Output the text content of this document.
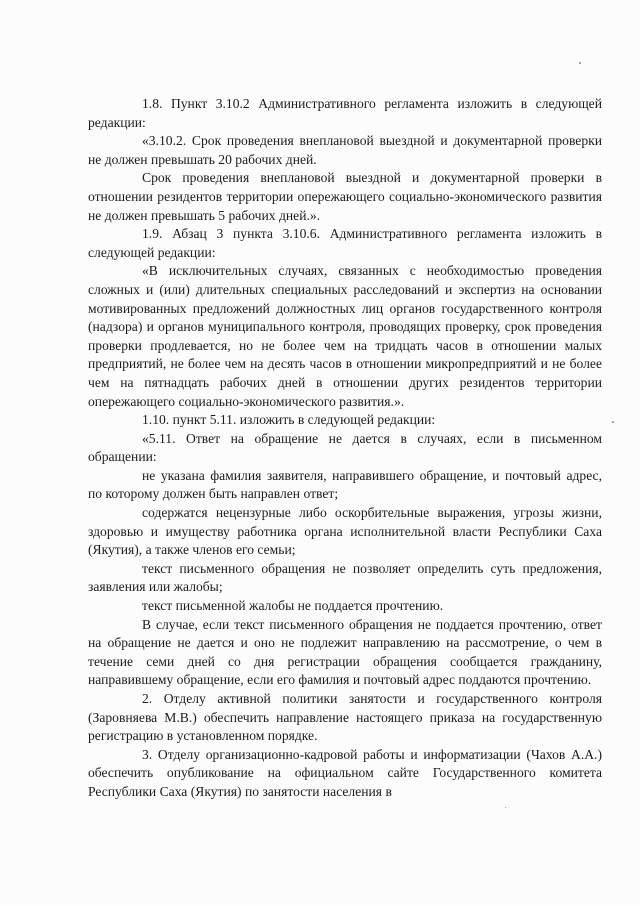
1.8. Пункт 3.10.2 Административного регламента изложить в следующей редакции:

«3.10.2. Срок проведения внеплановой выездной и документарной проверки не должен превышать 20 рабочих дней.

Срок проведения внеплановой выездной и документарной проверки в отношении резидентов территории опережающего социально-экономического развития не должен превышать 5 рабочих дней.».

1.9. Абзац 3 пункта 3.10.6. Административного регламента изложить в следующей редакции:

«В исключительных случаях, связанных с необходимостью проведения сложных и (или) длительных специальных расследований и экспертиз на основании мотивированных предложений должностных лиц органов государственного контроля (надзора) и органов муниципального контроля, проводящих проверку, срок проведения проверки продлевается, но не более чем на тридцать часов в отношении малых предприятий, не более чем на десять часов в отношении микропредприятий и не более чем на пятнадцать рабочих дней в отношении других резидентов территории опережающего социально-экономического развития.».

1.10. пункт 5.11. изложить в следующей редакции:

«5.11. Ответ на обращение не дается в случаях, если в письменном обращении:

не указана фамилия заявителя, направившего обращение, и почтовый адрес, по которому должен быть направлен ответ;

содержатся нецензурные либо оскорбительные выражения, угрозы жизни, здоровью и имуществу работника органа исполнительной власти Республики Саха (Якутия), а также членов его семьи;

текст письменного обращения не позволяет определить суть предложения, заявления или жалобы;

текст письменной жалобы не поддается прочтению.

В случае, если текст письменного обращения не поддается прочтению, ответ на обращение не дается и оно не подлежит направлению на рассмотрение, о чем в течение семи дней со дня регистрации обращения сообщается гражданину, направившему обращение, если его фамилия и почтовый адрес поддаются прочтению.

2. Отделу активной политики занятости и государственного контроля (Заровняева М.В.) обеспечить направление настоящего приказа на государственную регистрацию в установленном порядке.

3. Отделу организационно-кадровой работы и информатизации (Чахов А.А.) обеспечить опубликование на официальном сайте Государственного комитета Республики Саха (Якутия) по занятости населения в
